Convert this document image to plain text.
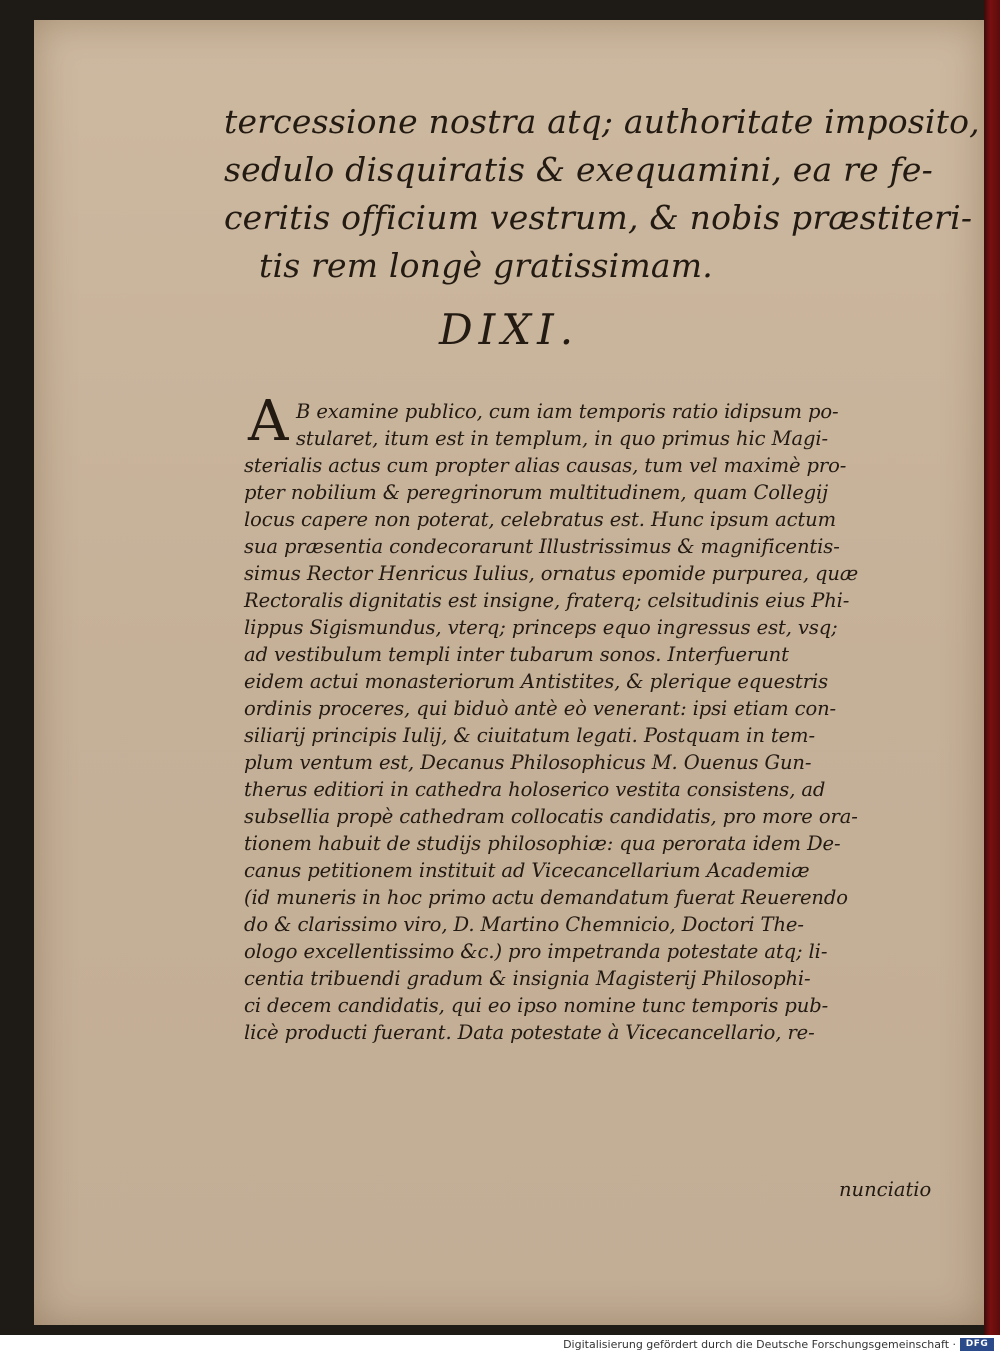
tercessione nostra atq; authoritate imposito,
sedulo disquiratis & exequamini, ea re fe-
ceritis officium vestrum, & nobis præstiteri-
tis rem longè gratissimam.
DIXI.
A B examine publico, cum iam temporis ratio idipsum po-
stularet, itum est in templum, in quo primus hic Magi-
sterialis actus cum propter alias causas, tum vel maximè pro-
pter nobilium & peregrinorum multitudinem, quam Collegij
locus capere non poterat, celebratus est. Hunc ipsum actum
sua præsentia condecorarunt Illustrissimus & magnificentis-
simus Rector Henricus Iulius, ornatus epomide purpurea, quæ
Rectoralis dignitatis est insigne, fraterq; celsitudinis eius Phi-
lippus Sigismundus, vterq; princeps equo ingressus est, vsq;
ad vestibulum templi inter tubarum sonos. Interfuerunt
eidem actui monasteriorum Antistites, & plerique equestris
ordinis proceres, qui biduò antè eò venerant: ipsi etiam con-
siliarij principis Iulij, & ciuitatum legati. Postquam in tem-
plum ventum est, Decanus Philosophicus M. Ouenus Gun-
therus editiori in cathedra holoserico vestita consistens, ad
subsellia propè cathedram collocatis candidatis, pro more ora-
tionem habuit de studijs philosophiæ: qua perorata idem De-
canus petitionem instituit ad Vicecancellarium Academiæ
(id muneris in hoc primo actu demandatum fuerat Reuerendo
do & clarissimo viro, D. Martino Chemnicio, Doctori The-
ologo excellentissimo &c.) pro impetranda potestate atq; li-
centia tribuendi gradum & insignia Magisterij Philosophi-
ci decem candidatis, qui eo ipso nomine tunc temporis pub-
licè producti fuerant. Data potestate à Vicecancellario, re-
nunciatio
Digitalisierung gefördert durch die Deutsche Forschungsgemeinschaft ·	DFG
